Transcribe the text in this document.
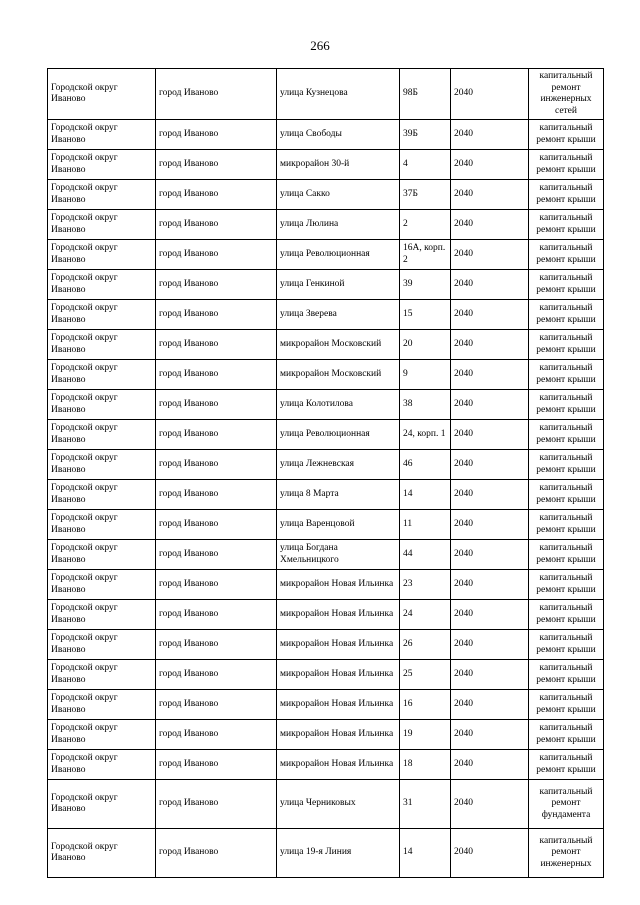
266
Городской округ Иваново	город Иваново	улица Кузнецова	98Б	2040	капитальный ремонт инженерных сетей
Городской округ Иваново	город Иваново	улица Свободы	39Б	2040	капитальный ремонт крыши
Городской округ Иваново	город Иваново	микрорайон 30-й	4	2040	капитальный ремонт крыши
Городской округ Иваново	город Иваново	улица Сакко	37Б	2040	капитальный ремонт крыши
Городской округ Иваново	город Иваново	улица Люлина	2	2040	капитальный ремонт крыши
Городской округ Иваново	город Иваново	улица Революционная	16А, корп. 2	2040	капитальный ремонт крыши
Городской округ Иваново	город Иваново	улица Генкиной	39	2040	капитальный ремонт крыши
Городской округ Иваново	город Иваново	улица Зверева	15	2040	капитальный ремонт крыши
Городской округ Иваново	город Иваново	микрорайон Московский	20	2040	капитальный ремонт крыши
Городской округ Иваново	город Иваново	микрорайон Московский	9	2040	капитальный ремонт крыши
Городской округ Иваново	город Иваново	улица Колотилова	38	2040	капитальный ремонт крыши
Городской округ Иваново	город Иваново	улица Революционная	24, корп. 1	2040	капитальный ремонт крыши
Городской округ Иваново	город Иваново	улица Лежневская	46	2040	капитальный ремонт крыши
Городской округ Иваново	город Иваново	улица 8 Марта	14	2040	капитальный ремонт крыши
Городской округ Иваново	город Иваново	улица Варенцовой	11	2040	капитальный ремонт крыши
Городской округ Иваново	город Иваново	улица Богдана Хмельницкого	44	2040	капитальный ремонт крыши
Городской округ Иваново	город Иваново	микрорайон Новая Ильинка	23	2040	капитальный ремонт крыши
Городской округ Иваново	город Иваново	микрорайон Новая Ильинка	24	2040	капитальный ремонт крыши
Городской округ Иваново	город Иваново	микрорайон Новая Ильинка	26	2040	капитальный ремонт крыши
Городской округ Иваново	город Иваново	микрорайон Новая Ильинка	25	2040	капитальный ремонт крыши
Городской округ Иваново	город Иваново	микрорайон Новая Ильинка	16	2040	капитальный ремонт крыши
Городской округ Иваново	город Иваново	микрорайон Новая Ильинка	19	2040	капитальный ремонт крыши
Городской округ Иваново	город Иваново	микрорайон Новая Ильинка	18	2040	капитальный ремонт крыши
Городской округ Иваново	город Иваново	улица Черниковых	31	2040	капитальный ремонт фундамента
Городской округ Иваново	город Иваново	улица 19-я Линия	14	2040	капитальный ремонт инженерных
